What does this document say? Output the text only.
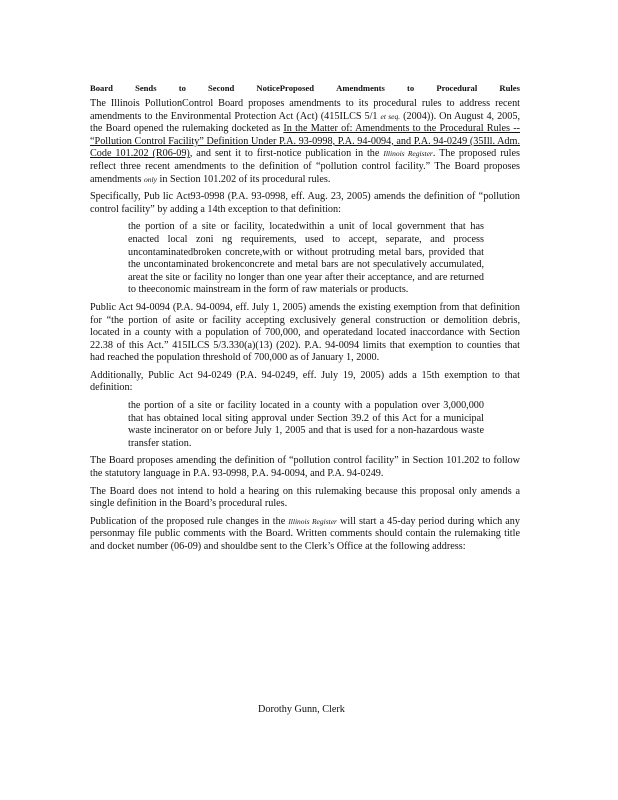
Board	Sends	to	Second	NoticeProposed	Amendments	to	Procedural	Rules

The Illinois PollutionControl Board proposes amendments to its procedural rules to address recent amendments to the Environmental Protection Act (Act) (415ILCS 5/1 et seq. (2004)). On August 4, 2005, the Board opened the rulemaking docketed as In the Matter of: Amendments to the Procedural Rules -- “Pollution Control Facility” Definition Under P.A. 93-0998, P.A. 94-0094, and P.A. 94-0249 (35Ill. Adm. Code 101.202 (R06-09), and sent it to first-notice publication in the Illinois Register. The proposed rules reflect three recent amendments to the definition of “pollution control facility.” The Board proposes amendments only in Section 101.202 of its procedural rules.

Specifically, Pub lic Act93-0998 (P.A. 93-0998, eff. Aug. 23, 2005) amends the definition of “pollution control facility” by adding a 14th exception to that definition:

the portion of a site or facility, locatedwithin a unit of local government that has enacted local zoni ng requirements, used to accept, separate, and process uncontaminatedbroken concrete,with or without protruding metal bars, provided that the uncontaminated brokenconcrete and metal bars are not speculatively accumulated, areat the site or facility no longer than one year after their acceptance, and are returned to theeconomic mainstream in the form of raw materials or products.

Public Act 94-0094 (P.A. 94-0094, eff. July 1, 2005) amends the existing exemption from that definition for “the portion of asite or facility accepting exclusively general construction or demolition debris, located in a county with a population of 700,000, and operatedand located inaccordance with Section 22.38 of this Act.” 415ILCS 5/3.330(a)(13) (202). P.A. 94-0094 limits that exemption to counties that had reached the population threshold of 700,000 as of January 1, 2000.

Additionally, Public Act 94-0249 (P.A. 94-0249, eff. July 19, 2005) adds a 15th exemption to that definition:

the portion of a site or facility located in a county with a population over 3,000,000 that has obtained local siting approval under Section 39.2 of this Act for a municipal waste incinerator on or before July 1, 2005 and that is used for a non-hazardous waste transfer station.

The Board proposes amending the definition of “pollution control facility” in Section 101.202 to follow the statutory language in P.A. 93-0998, P.A. 94-0094, and P.A. 94-0249.

The Board does not intend to hold a hearing on this rulemaking because this proposal only amends a single definition in the Board’s procedural rules.

Publication of the proposed rule changes in the Illinois Register will start a 45-day period during which any personmay file public comments with the Board. Written comments should contain the rulemaking title and docket number (06-09) and shouldbe sent to the Clerk’s Office at the following address:

Dorothy Gunn, Clerk
